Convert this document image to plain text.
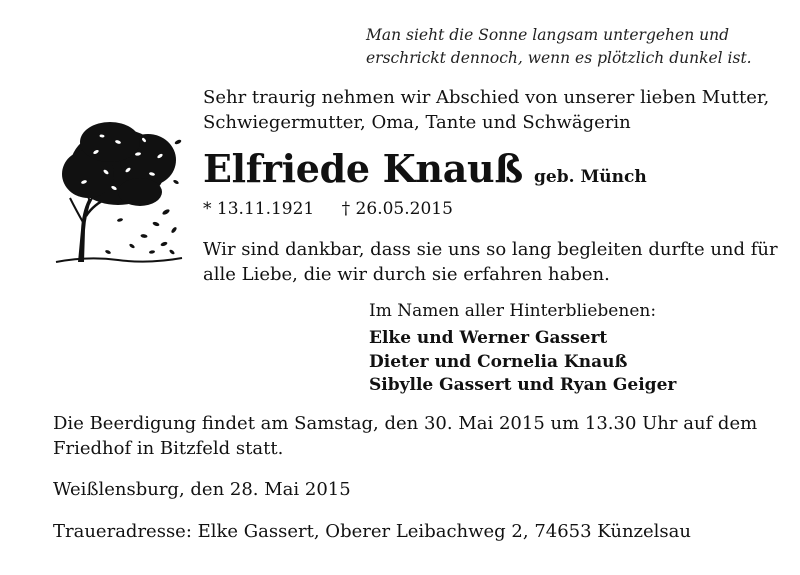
Man sieht die Sonne langsam untergehen und
erschrickt dennoch, wenn es plötzlich dunkel ist.
Sehr traurig nehmen wir Abschied von unserer lieben Mutter,
Schwiegermutter, Oma, Tante und Schwägerin
Elfriede Knauß geb. Münch
* 13.11.1921 † 26.05.2015
Wir sind dankbar, dass sie uns so lang begleiten durfte und für
alle Liebe, die wir durch sie erfahren haben.
Im Namen aller Hinterbliebenen:
Elke und Werner Gassert
Dieter und Cornelia Knauß
Sibylle Gassert und Ryan Geiger
Die Beerdigung findet am Samstag, den 30. Mai 2015 um 13.30 Uhr auf dem
Friedhof in Bitzfeld statt.
Weißlensburg, den 28. Mai 2015
Traueradresse: Elke Gassert, Oberer Leibachweg 2, 74653 Künzelsau
